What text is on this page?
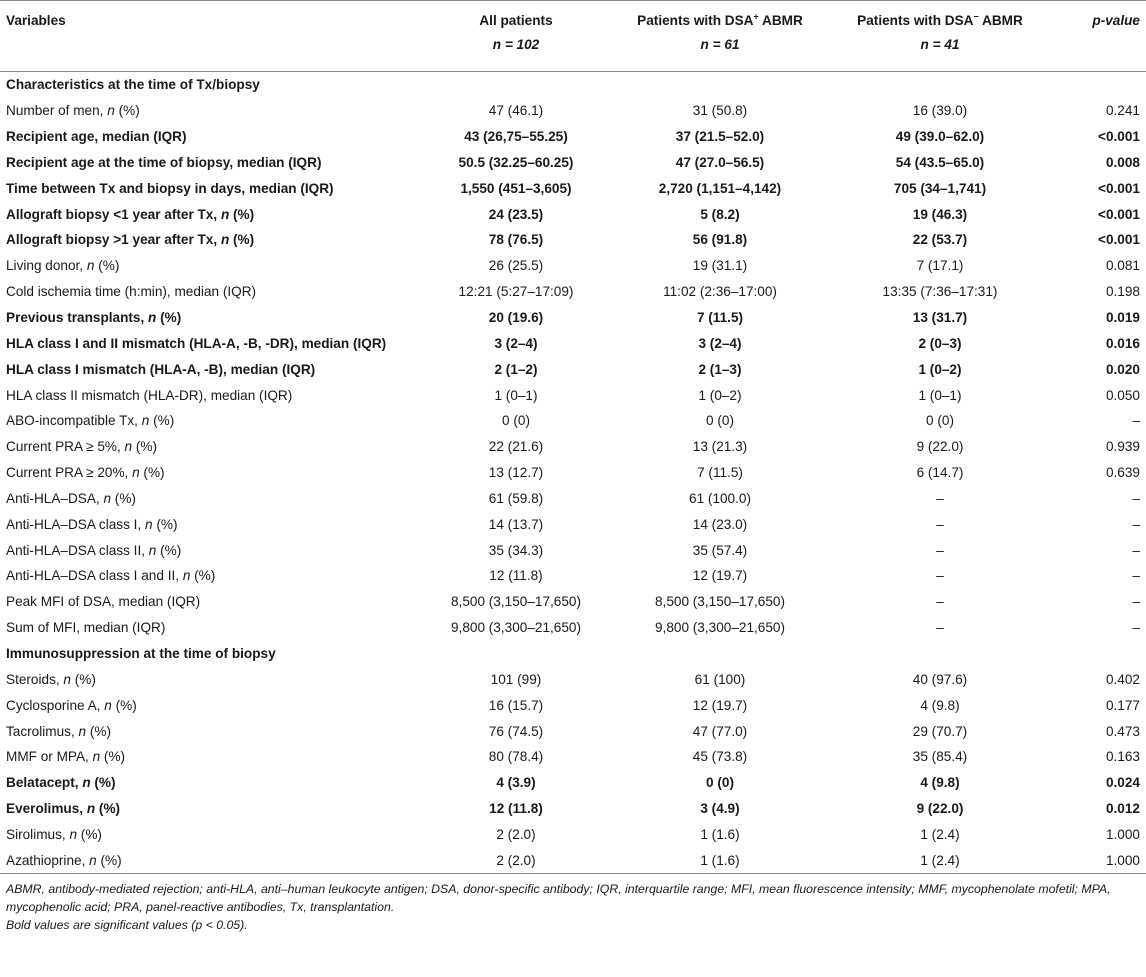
Variables	All patients	Patients with DSA+ ABMR	Patients with DSA− ABMR	p-value
	n = 102	n = 61	n = 41	
Characteristics at the time of Tx/biopsy				
Number of men, n (%)	47 (46.1)	31 (50.8)	16 (39.0)	0.241
Recipient age, median (IQR)	43 (26,75–55.25)	37 (21.5–52.0)	49 (39.0–62.0)	<0.001
Recipient age at the time of biopsy, median (IQR)	50.5 (32.25–60.25)	47 (27.0–56.5)	54 (43.5–65.0)	0.008
Time between Tx and biopsy in days, median (IQR)	1,550 (451–3,605)	2,720 (1,151–4,142)	705 (34–1,741)	<0.001
Allograft biopsy <1 year after Tx, n (%)	24 (23.5)	5 (8.2)	19 (46.3)	<0.001
Allograft biopsy >1 year after Tx, n (%)	78 (76.5)	56 (91.8)	22 (53.7)	<0.001
Living donor, n (%)	26 (25.5)	19 (31.1)	7 (17.1)	0.081
Cold ischemia time (h:min), median (IQR)	12:21 (5:27–17:09)	11:02 (2:36–17:00)	13:35 (7:36–17:31)	0.198
Previous transplants, n (%)	20 (19.6)	7 (11.5)	13 (31.7)	0.019
HLA class I and II mismatch (HLA-A, -B, -DR), median (IQR)	3 (2–4)	3 (2–4)	2 (0–3)	0.016
HLA class I mismatch (HLA-A, -B), median (IQR)	2 (1–2)	2 (1–3)	1 (0–2)	0.020
HLA class II mismatch (HLA-DR), median (IQR)	1 (0–1)	1 (0–2)	1 (0–1)	0.050
ABO-incompatible Tx, n (%)	0 (0)	0 (0)	0 (0)	–
Current PRA ≥ 5%, n (%)	22 (21.6)	13 (21.3)	9 (22.0)	0.939
Current PRA ≥ 20%, n (%)	13 (12.7)	7 (11.5)	6 (14.7)	0.639
Anti-HLA–DSA, n (%)	61 (59.8)	61 (100.0)	–	–
Anti-HLA–DSA class I, n (%)	14 (13.7)	14 (23.0)	–	–
Anti-HLA–DSA class II, n (%)	35 (34.3)	35 (57.4)	–	–
Anti-HLA–DSA class I and II, n (%)	12 (11.8)	12 (19.7)	–	–
Peak MFI of DSA, median (IQR)	8,500 (3,150–17,650)	8,500 (3,150–17,650)	–	–
Sum of MFI, median (IQR)	9,800 (3,300–21,650)	9,800 (3,300–21,650)	–	–
Immunosuppression at the time of biopsy				
Steroids, n (%)	101 (99)	61 (100)	40 (97.6)	0.402
Cyclosporine A, n (%)	16 (15.7)	12 (19.7)	4 (9.8)	0.177
Tacrolimus, n (%)	76 (74.5)	47 (77.0)	29 (70.7)	0.473
MMF or MPA, n (%)	80 (78.4)	45 (73.8)	35 (85.4)	0.163
Belatacept, n (%)	4 (3.9)	0 (0)	4 (9.8)	0.024
Everolimus, n (%)	12 (11.8)	3 (4.9)	9 (22.0)	0.012
Sirolimus, n (%)	2 (2.0)	1 (1.6)	1 (2.4)	1.000
Azathioprine, n (%)	2 (2.0)	1 (1.6)	1 (2.4)	1.000

ABMR, antibody-mediated rejection; anti-HLA, anti–human leukocyte antigen; DSA, donor-specific antibody; IQR, interquartile range; MFI, mean fluorescence intensity; MMF, mycophenolate mofetil; MPA, mycophenolic acid; PRA, panel-reactive antibodies, Tx, transplantation.

Bold values are significant values (p < 0.05).
